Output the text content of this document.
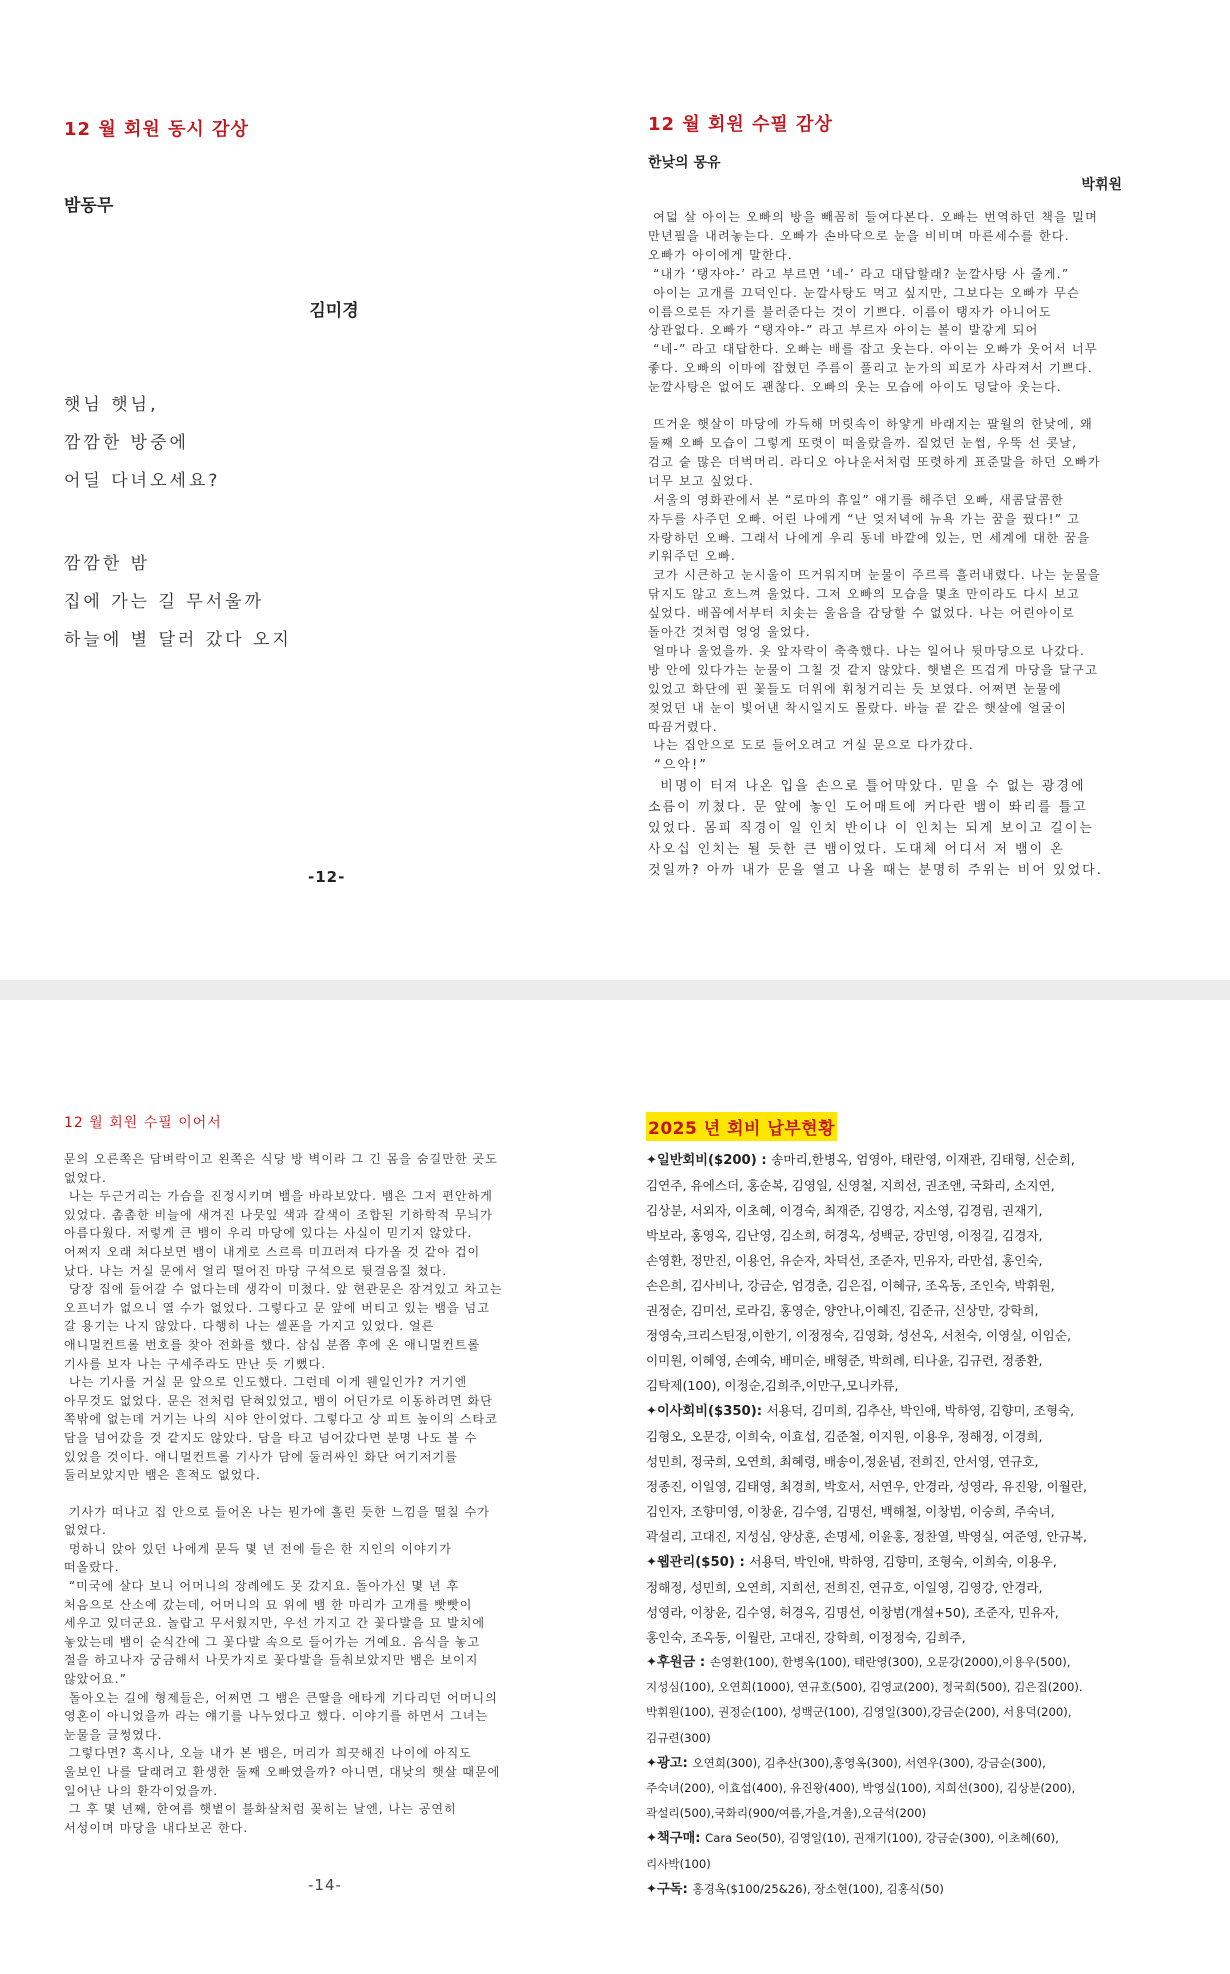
12 월 회원 동시 감상
밤동무
김미경
햇님 햇님,
깜깜한 방중에
어딜 다녀오세요?
깜깜한 밤
집에 가는 길 무서울까
하늘에 별 달러 갔다 오지
-12-
12 월 회원 수필 감상
한낮의 몽유
박휘원

여덟 살 아이는 오빠의 방을 빼꼼히 들여다본다. 오빠는 번역하던 책을 밀며

만년필을 내려놓는다. 오빠가 손바닥으로 눈을 비비며 마른세수를 한다.

오빠가 아이에게 말한다.

“내가 ‘탱자야-’ 라고 부르면 ‘네-’ 라고 대답할래? 눈깔사탕 사 줄게.”

아이는 고개를 끄덕인다. 눈깔사탕도 먹고 싶지만, 그보다는 오빠가 무슨

이름으로든 자기를 불러준다는 것이 기쁘다. 이름이 탱자가 아니어도

상관없다. 오빠가 “탱자야-” 라고 부르자 아이는 볼이 발갛게 되어

“네-” 라고 대답한다. 오빠는 배를 잡고 웃는다. 아이는 오빠가 웃어서 너무

좋다. 오빠의 이마에 잡혔던 주름이 풀리고 눈가의 피로가 사라져서 기쁘다.

눈깔사탕은 없어도 괜찮다. 오빠의 웃는 모습에 아이도 덩달아 웃는다.

뜨거운 햇살이 마당에 가득해 머릿속이 하얗게 바래지는 팔월의 한낮에, 왜

둘째 오빠 모습이 그렇게 또렷이 떠올랐을까. 짙었던 눈썹, 우뚝 선 콧날,

검고 숱 많은 더벅머리. 라디오 아나운서처럼 또렷하게 표준말을 하던 오빠가

너무 보고 싶었다.

서울의 영화관에서 본 “로마의 휴일” 얘기를 해주던 오빠, 새콤달콤한

자두를 사주던 오빠. 어린 나에게 “난 엊저녁에 뉴욕 가는 꿈을 꿨다!” 고

자랑하던 오빠. 그래서 나에게 우리 동네 바깥에 있는, 먼 세계에 대한 꿈을

키워주던 오빠.

코가 시큰하고 눈시울이 뜨거워지며 눈물이 주르륵 흘러내렸다. 나는 눈물을

닦지도 않고 흐느껴 울었다. 그저 오빠의 모습을 몇초 만이라도 다시 보고

싶었다. 배꼽에서부터 치솟는 울음을 감당할 수 없었다. 나는 어린아이로

돌아간 것처럼 엉엉 울었다.

얼마나 울었을까. 옷 앞자락이 축축했다. 나는 일어나 뒷마당으로 나갔다.

방 안에 있다가는 눈물이 그칠 것 같지 않았다. 햇볕은 뜨겁게 마당을 달구고

있었고 화단에 핀 꽃들도 더위에 휘청거리는 듯 보였다. 어쩌면 눈물에

젖었던 내 눈이 빛어낸 착시일지도 몰랐다. 바늘 끝 같은 햇살에 얼굴이

따끔거렸다.

나는 집안으로 도로 들어오려고 거실 문으로 다가갔다.

“으악!”

비명이 터져 나온 입을 손으로 틀어막았다. 믿을 수 없는 광경에

소름이 끼쳤다. 문 앞에 놓인 도어매트에 커다란 뱀이 똬리를 틀고

있었다. 몸피 직경이 일 인치 반이나 이 인치는 되게 보이고 길이는

사오십 인치는 될 듯한 큰 뱀이었다. 도대체 어디서 저 뱀이 온

것일까? 아까 내가 문을 열고 나올 때는 분명히 주위는 비어 있었다.

12 월 회원 수필 이어서

문의 오른쪽은 담벼락이고 왼쪽은 식당 방 벽이라 그 긴 몸을 숨길만한 곳도

없었다.

나는 두근거리는 가슴을 진정시키며 뱀을 바라보았다. 뱀은 그저 편안하게

있었다. 촘촘한 비늘에 새겨진 나뭇잎 색과 갈색이 조합된 기하학적 무늬가

아름다웠다. 저렇게 큰 뱀이 우리 마당에 있다는 사실이 믿기지 않았다.

어쩌지 오래 쳐다보면 뱀이 내게로 스르륵 미끄러져 다가올 것 같아 겁이

났다. 나는 거실 문에서 얼리 떨어진 마당 구석으로 뒷걸음질 쳤다.

당장 집에 들어갈 수 없다는데 생각이 미쳤다. 앞 현관문은 잠겨있고 차고는

오프너가 없으니 열 수가 없었다. 그렇다고 문 앞에 버티고 있는 뱀을 넘고

갈 용기는 나지 않았다. 다행히 나는 셀폰을 가지고 있었다. 얼른

애니멀컨트롤 번호를 찾아 전화를 했다. 삼십 분쯤 후에 온 애니멀컨트롤

기사를 보자 나는 구세주라도 만난 듯 기뻤다.

나는 기사를 거실 문 앞으로 인도했다. 그런데 이게 웬일인가? 거기엔

아무것도 없었다. 문은 전처럼 닫혀있었고, 뱀이 어딘가로 이동하려면 화단

쪽밖에 없는데 거기는 나의 시야 안이었다. 그렇다고 상 피트 높이의 스타코

담을 넘어갔을 것 같지도 않았다. 담을 타고 넘어갔다면 분명 나도 볼 수

있었을 것이다. 애니멀컨트롤 기사가 담에 둘러싸인 화단 여기저기를

둘러보았지만 뱀은 흔적도 없었다.

기사가 떠나고 집 안으로 들어온 나는 뭔가에 홀린 듯한 느낌을 떨칠 수가

없었다.

멍하니 앉아 있던 나에게 문득 몇 년 전에 들은 한 지인의 이야기가

떠올랐다.

“미국에 살다 보니 어머니의 장례에도 못 갔지요. 돌아가신 몇 년 후

처음으로 산소에 갔는데, 어머니의 묘 위에 뱀 한 마리가 고개를 빳빳이

세우고 있더군요. 놀랍고 무서웠지만, 우선 가지고 간 꽃다발을 묘 발치에

놓았는데 뱀이 순식간에 그 꽃다발 속으로 들어가는 거예요. 음식을 놓고

절을 하고나자 궁금해서 나뭇가지로 꽃다발을 들춰보았지만 뱀은 보이지

않았어요.”

돌아오는 길에 형제들은, 어쩌면 그 뱀은 큰딸을 애타게 기다리던 어머니의

영혼이 아니었을까 라는 얘기를 나누었다고 했다. 이야기를 하면서 그녀는

눈물을 글썽였다.

그렇다면? 혹시나, 오늘 내가 본 뱀은, 머리가 희끗해진 나이에 아직도

울보인 나를 달래려고 환생한 둘째 오빠였을까? 아니면, 대낮의 햇살 때문에

일어난 나의 환각이었을까.

그 후 몇 년째, 한여름 햇볕이 불화살처럼 꽂히는 날엔, 나는 공연히

서성이며 마당을 내다보곤 한다.

-14-
2025 년 회비 납부현황
✦일반회비($200) : 송마리,한병옥, 엄영아, 태란영, 이재관, 김태형, 신순희,
김연주, 유에스더, 홍순복, 김영일, 신영철, 지희선, 권조앤, 국화리, 소지연,
김상분, 서외자, 이초혜, 이경숙, 최재준, 김영강, 지소영, 김경림, 권재기,
박보라, 홍영옥, 김난영, 김소희, 허경옥, 성백군, 강민영, 이정길, 김경자,
손영환, 정만진, 이용언, 유순자, 차덕선, 조준자, 민유자, 라만섭, 홍인숙,
손은희, 김사비나, 강금순, 엄경춘, 김은집, 이혜규, 조옥동, 조인숙, 박휘원,
권정순, 김미선, 로라김, 홍영순, 양안나,이혜진, 김준규, 신상만, 강학희,
정영숙,크리스틴정,이한기, 이정정숙, 김영화, 성선옥, 서천숙, 이영실, 이임순,
이미원, 이혜영, 손예숙, 배미순, 배형준, 박희례, 티나윤, 김규련, 정종환,
김탁제(100), 이정순,김희주,이만구,모니카류,
✦이사회비($350): 서용덕, 김미희, 김추산, 박인애, 박하영, 김향미, 조형숙,
김형오, 오문강, 이희숙, 이효섭, 김준철, 이지원, 이용우, 정해정, 이경희,
성민희, 정국희, 오연희, 최혜령, 배송이,정윤념, 전희진, 안서영, 연규호,
정종진, 이일영, 김태영, 최경희, 박호서, 서연우, 안경라, 성영라, 유진왕, 이월란,
김인자, 조향미영, 이창윤, 김수영, 김명선, 백해철, 이창범, 이숭희, 주숙녀,
곽설리, 고대진, 지성심, 양상훈, 손명세, 이윤홍, 정찬열, 박영실, 여준영, 안규복,
✦웹관리($50) : 서용덕, 박인애, 박하영, 김향미, 조형숙, 이희숙, 이용우,
정해정, 성민희, 오연희, 지희선, 전희진, 연규호, 이일영, 김영강, 안경라,
성영라, 이창윤, 김수영, 허경옥, 김명선, 이창범(개설+50), 조준자, 민유자,
홍인숙, 조옥동, 이월란, 고대진, 강학희, 이정정숙, 김희주,
✦후원금 : 손영환(100), 한병옥(100), 태란영(300), 오문강(2000),이용우(500),
지성심(100), 오연희(1000), 연규호(500), 김영교(200), 정국희(500), 김은집(200).
박휘원(100), 권정순(100), 성백군(100), 김영일(300),강금순(200), 서용덕(200),
김규련(300)
✦광고: 오연희(300), 김추산(300),홍영옥(300), 서연우(300), 강금순(300),
주숙녀(200), 이효섭(400), 유진왕(400), 박영실(100), 지희선(300), 김상분(200),
곽설리(500),국화리(900/여름,가을,겨울),오금석(200)
✦책구매: Cara Seo(50), 김영일(10), 권재기(100), 강금순(300), 이초혜(60),
리사박(100)
✦구독: 홍경옥($100/25&26), 장소현(100), 김홍식(50)
